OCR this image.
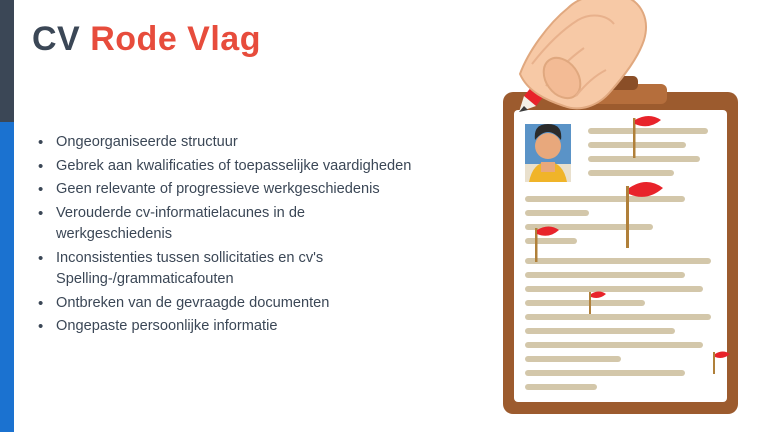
CV Rode Vlag
• Ongeorganiseerde structuur
• Gebrek aan kwalificaties of toepasselijke vaardigheden
• Geen relevante of progressieve werkgeschiedenis
• Verouderde cv-informatielacunes in de werkgeschiedenis
• Inconsistenties tussen sollicitaties en cv's Spelling-/grammaticafouten
• Ontbreken van de gevraagde documenten
• Ongepaste persoonlijke informatie
